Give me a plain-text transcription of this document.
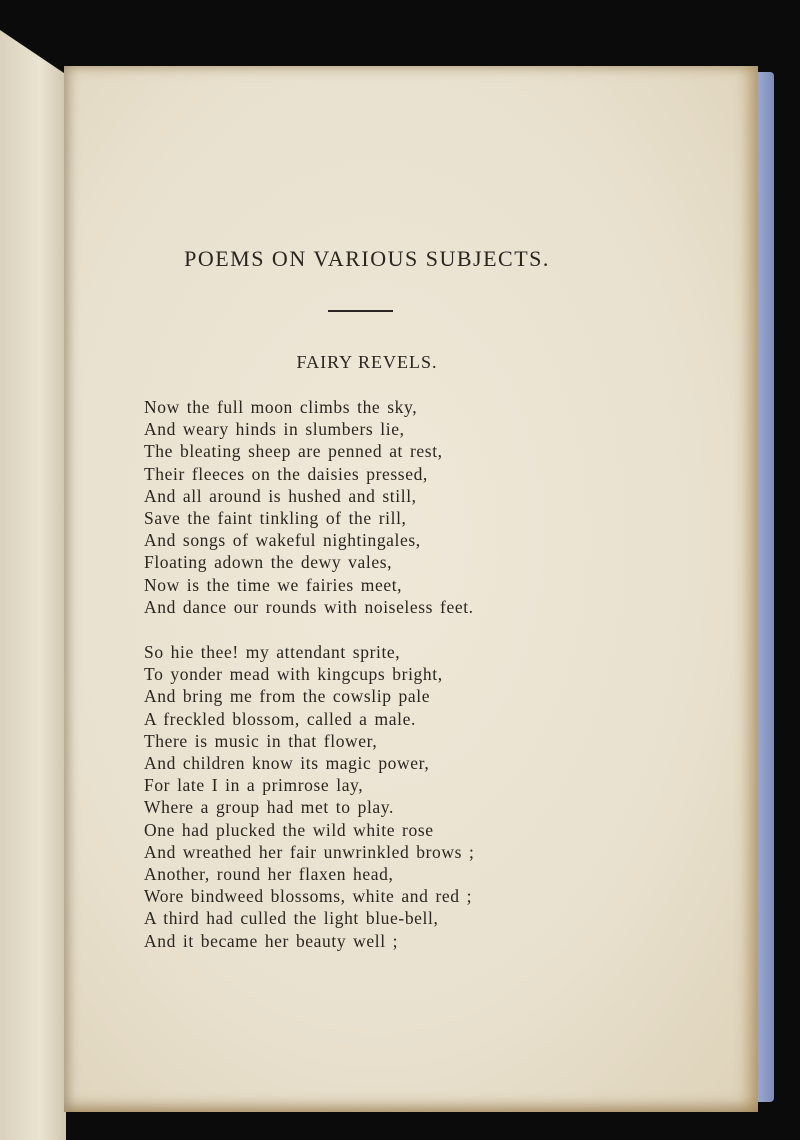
POEMS ON VARIOUS SUBJECTS.
FAIRY REVELS.
Now the full moon climbs the sky,
And weary hinds in slumbers lie,
The bleating sheep are penned at rest,
Their fleeces on the daisies pressed,
And all around is hushed and still,
Save the faint tinkling of the rill,
And songs of wakeful nightingales,
Floating adown the dewy vales,
Now is the time we fairies meet,
And dance our rounds with noiseless feet.
So hie thee! my attendant sprite,
To yonder mead with kingcups bright,
And bring me from the cowslip pale
A freckled blossom, called a male.
There is music in that flower,
And children know its magic power,
For late I in a primrose lay,
Where a group had met to play.
One had plucked the wild white rose
And wreathed her fair unwrinkled brows ;
Another, round her flaxen head,
Wore bindweed blossoms, white and red ;
A third had culled the light blue-bell,
And it became her beauty well ;
